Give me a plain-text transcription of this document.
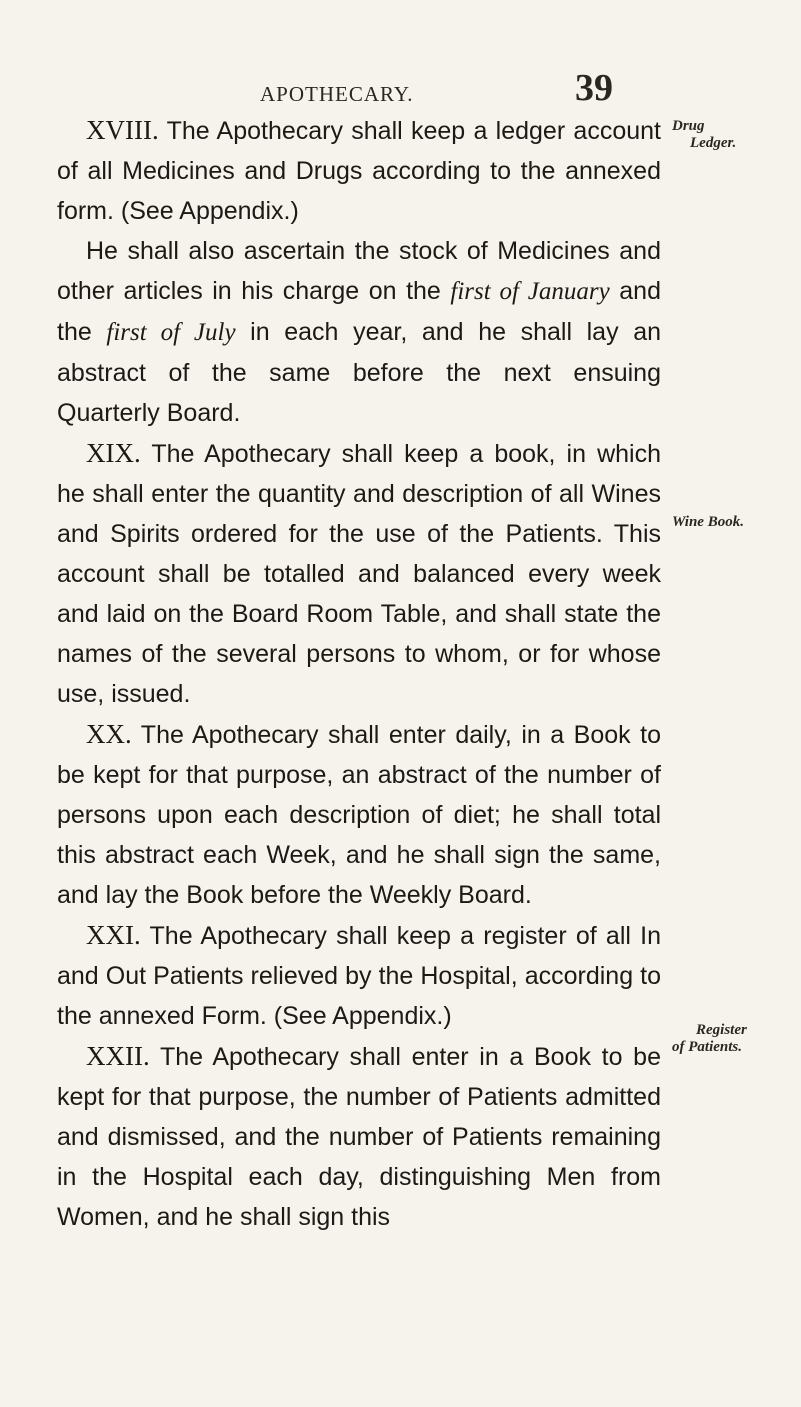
APOTHECARY.	39
Drug
Ledger.
Wine Book.
Register
of Patients.

XVIII. The Apothecary shall keep a ledger account of all Medicines and Drugs according to the annexed form. (See Appendix.)

He shall also ascertain the stock of Medicines and other articles in his charge on the first of January and the first of July in each year, and he shall lay an abstract of the same before the next ensuing Quarterly Board.

XIX. The Apothecary shall keep a book, in which he shall enter the quantity and description of all Wines and Spirits ordered for the use of the Patients. This account shall be totalled and balanced every week and laid on the Board Room Table, and shall state the names of the several persons to whom, or for whose use, issued.

XX. The Apothecary shall enter daily, in a Book to be kept for that purpose, an abstract of the number of persons upon each description of diet; he shall total this abstract each Week, and he shall sign the same, and lay the Book before the Weekly Board.

XXI. The Apothecary shall keep a register of all In and Out Patients relieved by the Hospital, according to the annexed Form. (See Appendix.)

XXII. The Apothecary shall enter in a Book to be kept for that purpose, the number of Patients admitted and dismissed, and the number of Patients remaining in the Hospital each day, distinguishing Men from Women, and he shall sign this
